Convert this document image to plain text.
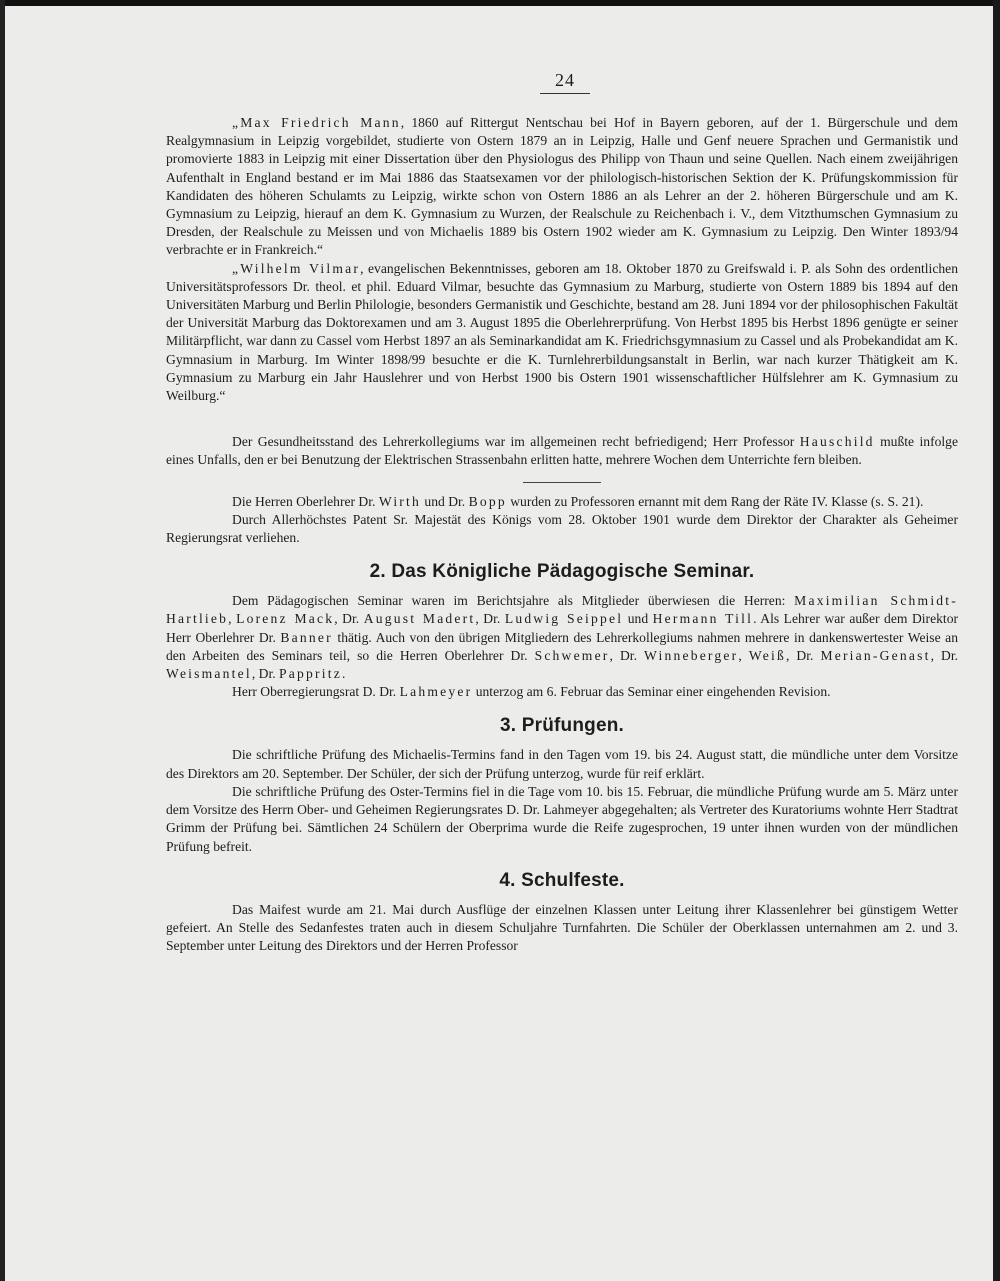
24

„Max Friedrich Mann, 1860 auf Rittergut Nentschau bei Hof in Bayern geboren, auf der 1. Bürgerschule und dem Realgymnasium in Leipzig vorgebildet, studierte von Ostern 1879 an in Leipzig, Halle und Genf neuere Sprachen und Germanistik und promovierte 1883 in Leipzig mit einer Dissertation über den Physiologus des Philipp von Thaun und seine Quellen. Nach einem zweijährigen Aufenthalt in England bestand er im Mai 1886 das Staatsexamen vor der philologisch-historischen Sektion der K. Prüfungskommission für Kandidaten des höheren Schulamts zu Leipzig, wirkte schon von Ostern 1886 an als Lehrer an der 2. höheren Bürgerschule und am K. Gymnasium zu Leipzig, hierauf an dem K. Gymnasium zu Wurzen, der Realschule zu Reichenbach i. V., dem Vitzthumschen Gymnasium zu Dresden, der Realschule zu Meissen und von Michaelis 1889 bis Ostern 1902 wieder am K. Gymnasium zu Leipzig. Den Winter 1893/94 verbrachte er in Frankreich.“

„Wilhelm Vilmar, evangelischen Bekenntnisses, geboren am 18. Oktober 1870 zu Greifswald i. P. als Sohn des ordentlichen Universitätsprofessors Dr. theol. et phil. Eduard Vilmar, besuchte das Gymnasium zu Marburg, studierte von Ostern 1889 bis 1894 auf den Universitäten Marburg und Berlin Philologie, besonders Germanistik und Geschichte, bestand am 28. Juni 1894 vor der philosophischen Fakultät der Universität Marburg das Doktorexamen und am 3. August 1895 die Oberlehrerprüfung. Von Herbst 1895 bis Herbst 1896 genügte er seiner Militärpflicht, war dann zu Cassel vom Herbst 1897 an als Seminarkandidat am K. Friedrichsgymnasium zu Cassel und als Probekandidat am K. Gymnasium in Marburg. Im Winter 1898/99 besuchte er die K. Turnlehrerbildungsanstalt in Berlin, war nach kurzer Thätigkeit am K. Gymnasium zu Marburg ein Jahr Hauslehrer und von Herbst 1900 bis Ostern 1901 wissenschaftlicher Hülfslehrer am K. Gymnasium zu Weilburg.“

Der Gesundheitsstand des Lehrerkollegiums war im allgemeinen recht befriedigend; Herr Professor Hauschild mußte infolge eines Unfalls, den er bei Benutzung der Elektrischen Strassenbahn erlitten hatte, mehrere Wochen dem Unterrichte fern bleiben.

Die Herren Oberlehrer Dr. Wirth und Dr. Bopp wurden zu Professoren ernannt mit dem Rang der Räte IV. Klasse (s. S. 21).

Durch Allerhöchstes Patent Sr. Majestät des Königs vom 28. Oktober 1901 wurde dem Direktor der Charakter als Geheimer Regierungsrat verliehen.

2. Das Königliche Pädagogische Seminar.

Dem Pädagogischen Seminar waren im Berichtsjahre als Mitglieder überwiesen die Herren: Maximilian Schmidt-Hartlieb, Lorenz Mack, Dr. August Madert, Dr. Ludwig Seippel und Hermann Till. Als Lehrer war außer dem Direktor Herr Oberlehrer Dr. Banner thätig. Auch von den übrigen Mitgliedern des Lehrerkollegiums nahmen mehrere in dankenswertester Weise an den Arbeiten des Seminars teil, so die Herren Oberlehrer Dr. Schwemer, Dr. Winneberger, Weiß, Dr. Merian-Genast, Dr. Weismantel, Dr. Pappritz.

Herr Oberregierungsrat D. Dr. Lahmeyer unterzog am 6. Februar das Seminar einer eingehenden Revision.

3. Prüfungen.

Die schriftliche Prüfung des Michaelis-Termins fand in den Tagen vom 19. bis 24. August statt, die mündliche unter dem Vorsitze des Direktors am 20. September. Der Schüler, der sich der Prüfung unterzog, wurde für reif erklärt.

Die schriftliche Prüfung des Oster-Termins fiel in die Tage vom 10. bis 15. Februar, die mündliche Prüfung wurde am 5. März unter dem Vorsitze des Herrn Ober- und Geheimen Regierungsrates D. Dr. Lahmeyer abgegehalten; als Vertreter des Kuratoriums wohnte Herr Stadtrat Grimm der Prüfung bei. Sämtlichen 24 Schülern der Oberprima wurde die Reife zugesprochen, 19 unter ihnen wurden von der mündlichen Prüfung befreit.

4. Schulfeste.

Das Maifest wurde am 21. Mai durch Ausflüge der einzelnen Klassen unter Leitung ihrer Klassenlehrer bei günstigem Wetter gefeiert. An Stelle des Sedanfestes traten auch in diesem Schuljahre Turnfahrten. Die Schüler der Oberklassen unternahmen am 2. und 3. September unter Leitung des Direktors und der Herren Professor
